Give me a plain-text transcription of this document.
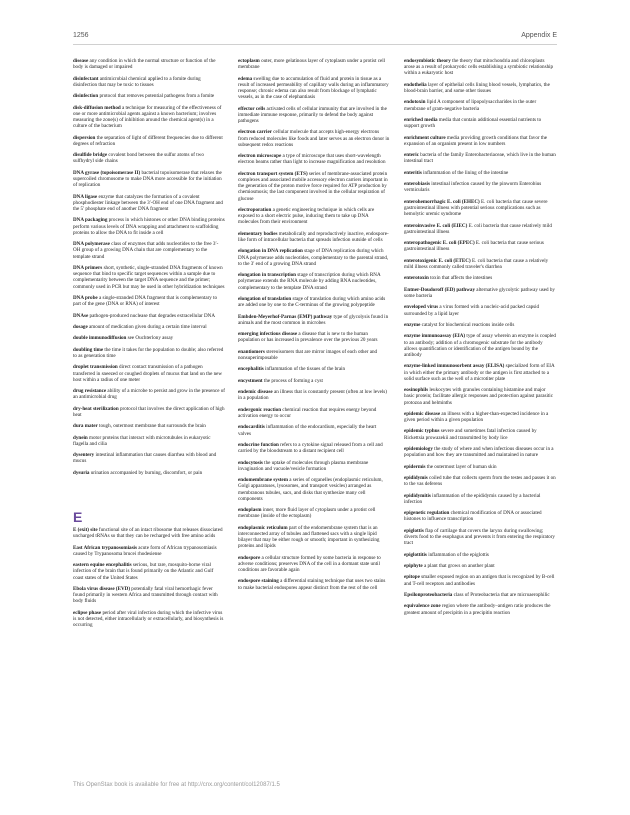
1256	Appendix E
disease any condition in which the normal structure or function of the body is damaged or impaired
disinfectant antimicrobial chemical applied to a fomite during disinfection that may be toxic to tissues
disinfection protocol that removes potential pathogens from a fomite
disk-diffusion method a technique for measuring of the effectiveness of one or more antimicrobial agents against a known bacterium; involves measuring the zone(s) of inhibition around the chemical agent(s) in a culture of the bacterium
dispersion the separation of light of different frequencies due to different degrees of refraction
disulfide bridge covalent bond between the sulfur atoms of two sulfhydryl side chains
DNA gyrase (topoisomerase II) bacterial topoisomerase that relaxes the supercoiled chromosome to make DNA more accessible for the initiation of replication
DNA ligase enzyme that catalyzes the formation of a covalent phosphodiester linkage between the 3′-OH end of one DNA fragment and the 5′ phosphate end of another DNA fragment
DNA packaging process in which histones or other DNA binding proteins perform various levels of DNA wrapping and attachment to scaffolding proteins to allow the DNA to fit inside a cell
DNA polymerase class of enzymes that adds nucleotides to the free 3′-OH group of a growing DNA chain that are complementary to the template strand
DNA primers short, synthetic, single-stranded DNA fragments of known sequence that bind to specific target sequences within a sample due to complementarity between the target DNA sequence and the primer; commonly used in PCR but may be used in other hybridization techniques
DNA probe a single-stranded DNA fragment that is complementary to part of the gene (DNA or RNA) of interest
DNAse pathogen-produced nuclease that degrades extracellular DNA
dosage amount of medication given during a certain time interval
double immunodiffusion see Ouchterlony assay
doubling time the time it takes for the population to double; also referred to as generation time
droplet transmission direct contact transmission of a pathogen transferred in sneezed or coughed droplets of mucus that land on the new host within a radius of one meter
drug resistance ability of a microbe to persist and grow in the presence of an antimicrobial drug
dry-heat sterilization protocol that involves the direct application of high heat
dura mater tough, outermost membrane that surrounds the brain
dynein motor proteins that interact with microtubules in eukaryotic flagella and cilia
dysentery intestinal inflammation that causes diarrhea with blood and mucus
dysuria urination accompanied by burning, discomfort, or pain
E
E (exit) site functional site of an intact ribosome that releases dissociated uncharged tRNAs so that they can be recharged with free amino acids
East African trypanosomiasis acute form of African trypanosomiasis caused by Trypanosoma brucei rhodesiense
eastern equine encephalitis serious, but rare, mosquito-borne viral infection of the brain that is found primarily on the Atlantic and Gulf coast states of the United States
Ebola virus disease (EVD) potentially fatal viral hemorrhagic fever found primarily in western Africa and transmitted through contact with body fluids
eclipse phase period after viral infection during which the infective virus is not detected, either intracellularly or extracellularly, and biosynthesis is occurring
ectoplasm outer, more gelatinous layer of cytoplasm under a protist cell membrane
edema swelling due to accumulation of fluid and protein in tissue as a result of increased permeability of capillary walls during an inflammatory response; chronic edema can also result from blockage of lymphatic vessels, as in the case of elephantiasis
effector cells activated cells of cellular immunity that are involved in the immediate immune response, primarily to defend the body against pathogens
electron carrier cellular molecule that accepts high-energy electrons from reduced molecules like foods and later serves as an electron donor in subsequent redox reactions
electron microscope a type of microscope that uses short-wavelength electron beams rather than light to increase magnification and resolution
electron transport system (ETS) series of membrane-associated protein complexes and associated mobile accessory electron carriers important in the generation of the proton motive force required for ATP production by chemiosmosis; the last component involved in the cellular respiration of glucose
electroporation a genetic engineering technique in which cells are exposed to a short electric pulse, inducing them to take up DNA molecules from their environment
elementary bodies metabolically and reproductively inactive, endospore-like form of intracellular bacteria that spreads infection outside of cells
elongation in DNA replication stage of DNA replication during which DNA polymerase adds nucleotides, complementary to the parental strand, to the 3′ end of a growing DNA strand
elongation in transcription stage of transcription during which RNA polymerase extends the RNA molecule by adding RNA nucleotides, complementary to the template DNA strand
elongation of translation stage of translation during which amino acids are added one by one to the C-terminus of the growing polypeptide
Embden-Meyerhof-Parnas (EMP) pathway type of glycolysis found in animals and the most common in microbes
emerging infectious disease a disease that is new to the human population or has increased in prevalence over the previous 20 years
enantiomers stereoisomers that are mirror images of each other and nonsuperimposable
encephalitis inflammation of the tissues of the brain
encystment the process of forming a cyst
endemic disease an illness that is constantly present (often at low levels) in a population
endergonic reaction chemical reaction that requires energy beyond activation energy to occur
endocarditis inflammation of the endocardium, especially the heart valves
endocrine function refers to a cytokine signal released from a cell and carried by the bloodstream to a distant recipient cell
endocytosis the uptake of molecules through plasma membrane invagination and vacuole/vesicle formation
endomembrane system a series of organelles (endoplasmic reticulum, Golgi apparatuses, lysosomes, and transport vesicles) arranged as membranous tubules, sacs, and disks that synthesize many cell components
endoplasm inner, more fluid layer of cytoplasm under a protist cell membrane (inside of the ectoplasm)
endoplasmic reticulum part of the endomembrane system that is an interconnected array of tubules and flattened sacs with a single lipid bilayer that may be either rough or smooth; important in synthesizing proteins and lipids
endospore a cellular structure formed by some bacteria in response to adverse conditions; preserves DNA of the cell in a dormant state until conditions are favorable again
endospore staining a differential staining technique that uses two stains to make bacterial endospores appear distinct from the rest of the cell
endosymbiotic theory the theory that mitochondria and chloroplasts arose as a result of prokaryotic cells establishing a symbiotic relationship within a eukaryotic host
endothelia layer of epithelial cells lining blood vessels, lymphatics, the blood-brain barrier, and some other tissues
endotoxin lipid A component of lipopolysaccharides in the outer membrane of gram-negative bacteria
enriched media media that contain additional essential nutrients to support growth
enrichment culture media providing growth conditions that favor the expansion of an organism present in low numbers
enteric bacteria of the family Enterobacteriaceae, which live in the human intestinal tract
enteritis inflammation of the lining of the intestine
enterobiasis intestinal infection caused by the pinworm Enterobius vermicularis
enterohemorrhagic E. coli (EHEC) E. coli bacteria that cause severe gastrointestinal illness with potential serious complications such as hemolytic uremic syndrome
enteroinvasive E. coli (EIEC) E. coli bacteria that cause relatively mild gastrointestinal illness
enteropathogenic E. coli (EPEC) E. coli bacteria that cause serious gastrointestinal illness
enterotoxigenic E. coli (ETEC) E. coli bacteria that cause a relatively mild illness commonly called traveler's diarrhea
enterotoxin toxin that affects the intestines
Entner-Doudoroff (ED) pathway alternative glycolytic pathway used by some bacteria
enveloped virus a virus formed with a nucleic-acid packed capsid surrounded by a lipid layer
enzyme catalyst for biochemical reactions inside cells
enzyme immunoassay (EIA) type of assay wherein an enzyme is coupled to an antibody; addition of a chromogenic substrate for the antibody allows quantification or identification of the antigen bound by the antibody
enzyme-linked immunosorbent assay (ELISA) specialized form of EIA in which either the primary antibody or the antigen is first attached to a solid surface such as the well of a microtiter plate
eosinophils leukocytes with granules containing histamine and major basic protein; facilitate allergic responses and protection against parasitic protozoa and helminths
epidemic disease an illness with a higher-than-expected incidence in a given period within a given population
epidemic typhus severe and sometimes fatal infection caused by Rickettsia prowazekii and transmitted by body lice
epidemiology the study of where and when infectious diseases occur in a population and how they are transmitted and maintained in nature
epidermis the outermost layer of human skin
epididymis coiled tube that collects sperm from the testes and passes it on to the vas deferens
epididymitis inflammation of the epididymis caused by a bacterial infection
epigenetic regulation chemical modification of DNA or associated histones to influence transcription
epiglottis flap of cartilage that covers the larynx during swallowing; diverts food to the esophagus and prevents it from entering the respiratory tract
epiglottitis inflammation of the epiglottis
epiphyte a plant that grows on another plant
epitope smaller exposed region on an antigen that is recognized by B-cell and T-cell receptors and antibodies
Epsilonproteobacteria class of Proteobacteria that are microaerophilic
equivalence zone region where the antibody–antigen ratio produces the greatest amount of precipitin in a precipitin reaction
This OpenStax book is available for free at http://cnx.org/content/col12087/1.5
